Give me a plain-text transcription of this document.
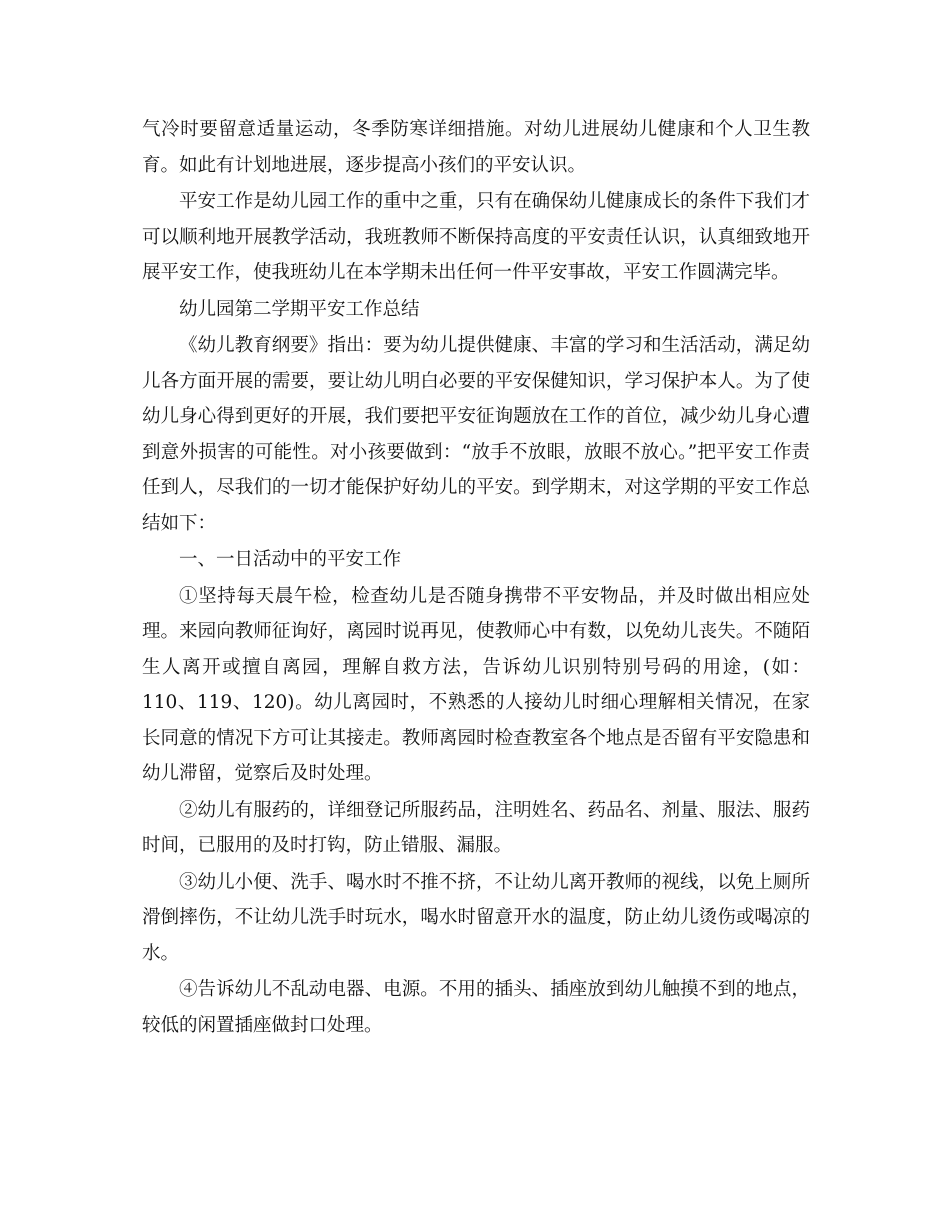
气冷时要留意适量运动，冬季防寒详细措施。对幼儿进展幼儿健康和个人卫生教育。如此有计划地进展，逐步提高小孩们的平安认识。

平安工作是幼儿园工作的重中之重，只有在确保幼儿健康成长的条件下我们才可以顺利地开展教学活动，我班教师不断保持高度的平安责任认识，认真细致地开展平安工作，使我班幼儿在本学期未出任何一件平安事故，平安工作圆满完毕。

幼儿园第二学期平安工作总结

《幼儿教育纲要》指出：要为幼儿提供健康、丰富的学习和生活活动，满足幼儿各方面开展的需要，要让幼儿明白必要的平安保健知识，学习保护本人。为了使幼儿身心得到更好的开展，我们要把平安征询题放在工作的首位，减少幼儿身心遭到意外损害的可能性。对小孩要做到：“放手不放眼，放眼不放心。”把平安工作责任到人，尽我们的一切才能保护好幼儿的平安。到学期末，对这学期的平安工作总结如下：

一、一日活动中的平安工作

①坚持每天晨午检，检查幼儿是否随身携带不平安物品，并及时做出相应处理。来园向教师征询好，离园时说再见，使教师心中有数，以免幼儿丧失。不随陌生人离开或擅自离园，理解自救方法，告诉幼儿识别特别号码的用途，(如：110、119、120)。幼儿离园时，不熟悉的人接幼儿时细心理解相关情况，在家长同意的情况下方可让其接走。教师离园时检查教室各个地点是否留有平安隐患和幼儿滞留，觉察后及时处理。

②幼儿有服药的，详细登记所服药品，注明姓名、药品名、剂量、服法、服药时间，已服用的及时打钩，防止错服、漏服。

③幼儿小便、洗手、喝水时不推不挤，不让幼儿离开教师的视线，以免上厕所滑倒摔伤，不让幼儿洗手时玩水，喝水时留意开水的温度，防止幼儿烫伤或喝凉的水。

④告诉幼儿不乱动电器、电源。不用的插头、插座放到幼儿触摸不到的地点，较低的闲置插座做封口处理。
